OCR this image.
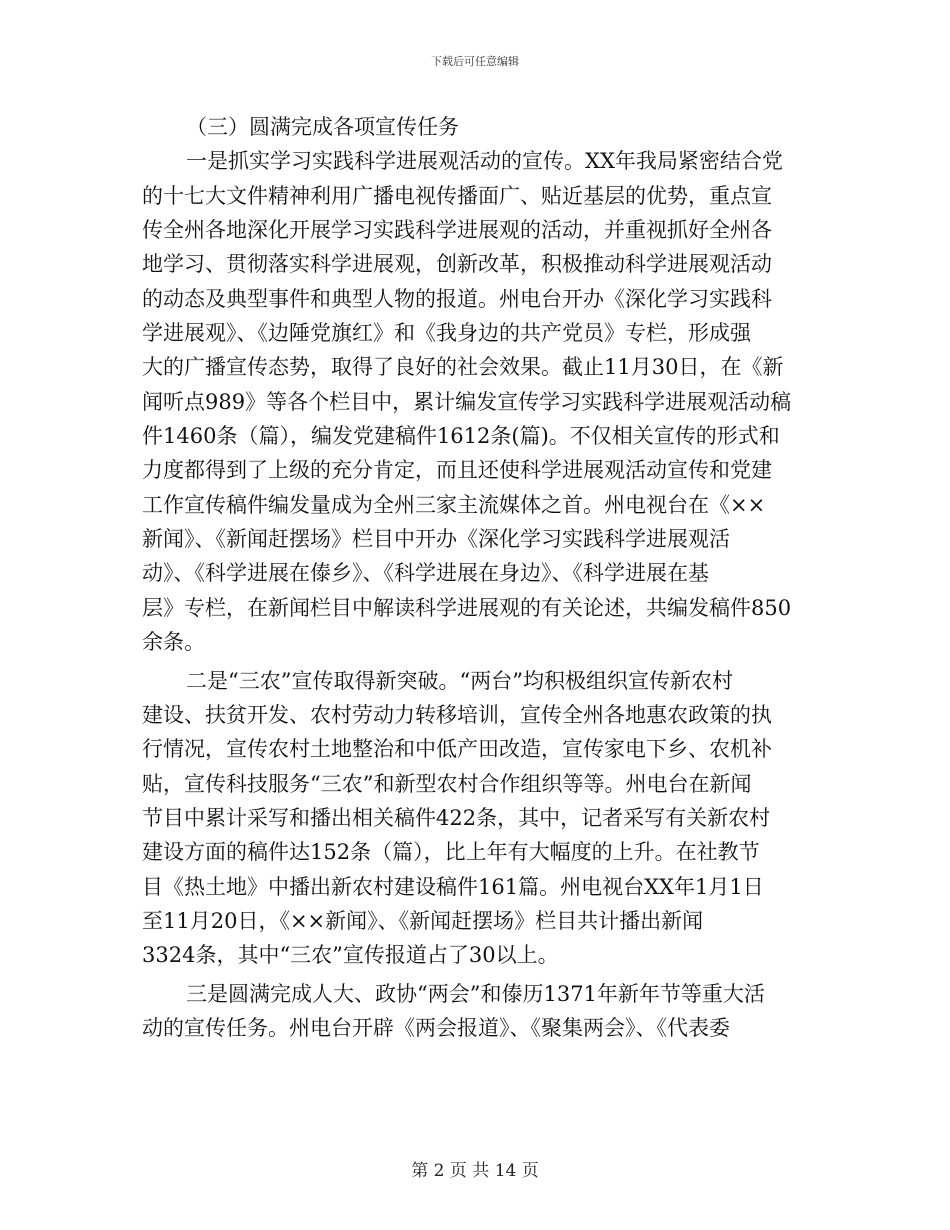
下载后可任意编辑
（三）圆满完成各项宣传任务
一是抓实学习实践科学进展观活动的宣传。XX年我局紧密结合党
的十七大文件精神利用广播电视传播面广、贴近基层的优势，重点宣
传全州各地深化开展学习实践科学进展观的活动，并重视抓好全州各
地学习、贯彻落实科学进展观，创新改革，积极推动科学进展观活动
的动态及典型事件和典型人物的报道。州电台开办《深化学习实践科
学进展观》、《边陲党旗红》和《我身边的共产党员》专栏，形成强
大的广播宣传态势，取得了良好的社会效果。截止11月30日，在《新
闻听点989》等各个栏目中，累计编发宣传学习实践科学进展观活动稿
件1460条（篇），编发党建稿件1612条(篇)。不仅相关宣传的形式和
力度都得到了上级的充分肯定，而且还使科学进展观活动宣传和党建
工作宣传稿件编发量成为全州三家主流媒体之首。州电视台在《××
新闻》、《新闻赶摆场》栏目中开办《深化学习实践科学进展观活
动》、《科学进展在傣乡》、《科学进展在身边》、《科学进展在基
层》专栏，在新闻栏目中解读科学进展观的有关论述，共编发稿件850
余条。
二是“三农”宣传取得新突破。“两台”均积极组织宣传新农村
建设、扶贫开发、农村劳动力转移培训，宣传全州各地惠农政策的执
行情况，宣传农村土地整治和中低产田改造，宣传家电下乡、农机补
贴，宣传科技服务“三农”和新型农村合作组织等等。州电台在新闻
节目中累计采写和播出相关稿件422条，其中，记者采写有关新农村
建设方面的稿件达152条（篇），比上年有大幅度的上升。在社教节
目《热土地》中播出新农村建设稿件161篇。州电视台XX年1月1日
至11月20日，《××新闻》、《新闻赶摆场》栏目共计播出新闻
3324条，其中“三农”宣传报道占了30以上。
三是圆满完成人大、政协“两会”和傣历1371年新年节等重大活
动的宣传任务。州电台开辟《两会报道》、《聚集两会》、《代表委
第 2 页 共 14 页
